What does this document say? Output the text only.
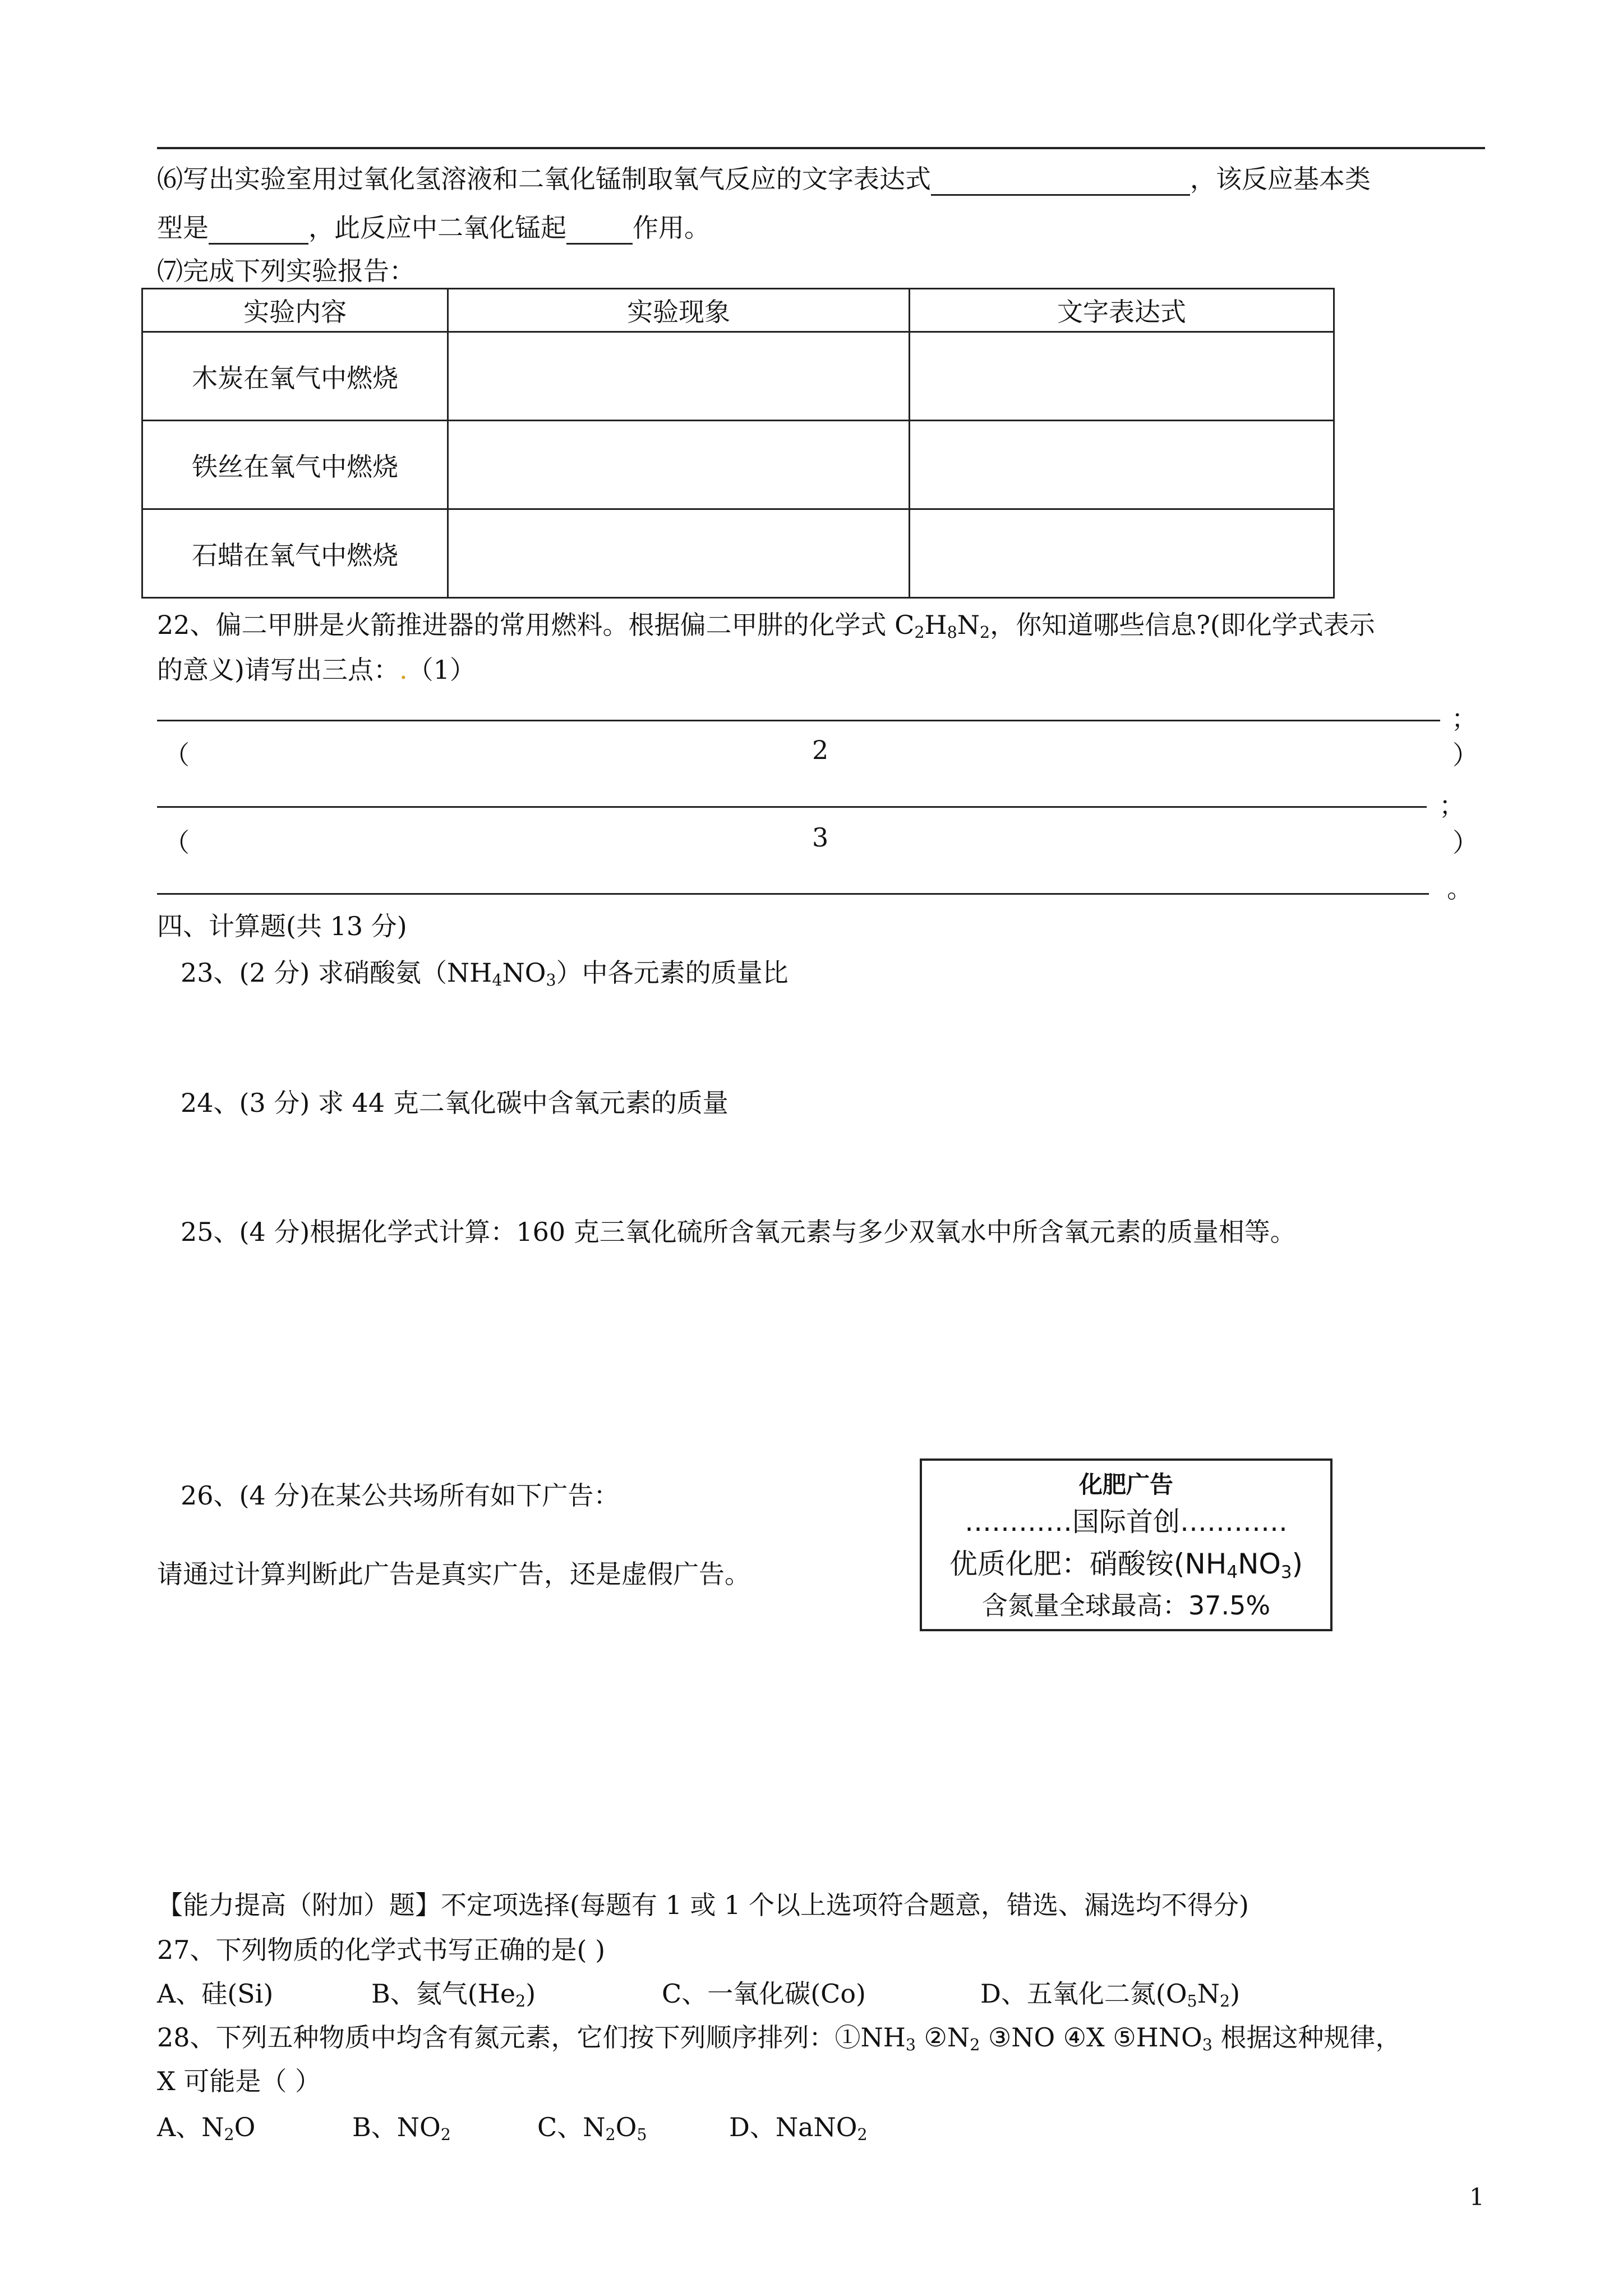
⑹写出实验室用过氧化氢溶液和二氧化锰制取氧气反应的文字表达式	，该反应基本类
型是	，此反应中二氧化锰起	作用。
⑺完成下列实验报告：
实验内容	实验现象	文字表达式
木炭在氧气中燃烧		
铁丝在氧气中燃烧		
石蜡在氧气中燃烧		
22、偏二甲肼是火箭推进器的常用燃料。根据偏二甲肼的化学式 $C_2H_8N_2$，你知道哪些信息?(即化学式表示
的意义)请写出三点：.（1）
；
（	2	）
；
（	3	）
。
四、计算题(共 13 分)
23、(2 分) 求硝酸氨$(NH_4NO_3)$中各元素的质量比
24、(3 分) 求 44 克二氧化碳中含氧元素的质量
25、(4 分)根据化学式计算：160 克三氧化硫所含氧元素与多少双氧水中所含氧元素的质量相等。
26、(4 分)在某公共场所有如下广告：
请通过计算判断此广告是真实广告，还是虚假广告。
化肥广告
…………国际首创…………
优质化肥：硝酸铵$(NH_4NO_3)$
含氮量全球最高：37.5%
【能力提高（附加）题】不定项选择(每题有 1 或 1 个以上选项符合题意，错选、漏选均不得分)
27、下列物质的化学式书写正确的是( )
A、硅(Si)	B、氦气$(He_2)$	C、一氧化碳(Co)	D、五氧化二氮$(O_5N_2)$
28、下列五种物质中均含有氮元素，它们按下列顺序排列：$①NH_3$ $②N_2$ ③NO ④X $⑤HNO_3$ 根据这种规律，
X 可能是（ ）
A、$N_2O$	B、$NO_2$	C、$N_2O_5$	D、NaNO$_2$
1
